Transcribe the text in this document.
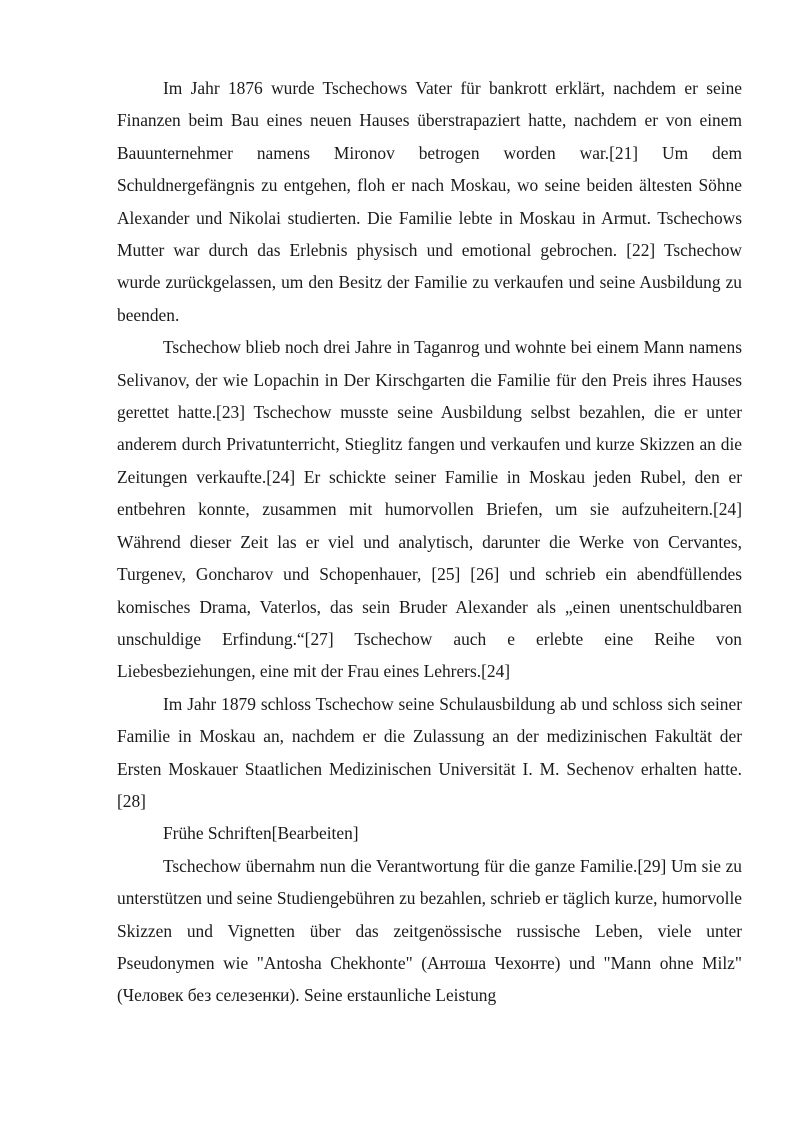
Im Jahr 1876 wurde Tschechows Vater für bankrott erklärt, nachdem er seine Finanzen beim Bau eines neuen Hauses überstrapaziert hatte, nachdem er von einem Bauunternehmer namens Mironov betrogen worden war.[21] Um dem Schuldnergefängnis zu entgehen, floh er nach Moskau, wo seine beiden ältesten Söhne Alexander und Nikolai studierten. Die Familie lebte in Moskau in Armut. Tschechows Mutter war durch das Erlebnis physisch und emotional gebrochen. [22] Tschechow wurde zurückgelassen, um den Besitz der Familie zu verkaufen und seine Ausbildung zu beenden.

Tschechow blieb noch drei Jahre in Taganrog und wohnte bei einem Mann namens Selivanov, der wie Lopachin in Der Kirschgarten die Familie für den Preis ihres Hauses gerettet hatte.[23] Tschechow musste seine Ausbildung selbst bezahlen, die er unter anderem durch Privatunterricht, Stieglitz fangen und verkaufen und kurze Skizzen an die Zeitungen verkaufte.[24] Er schickte seiner Familie in Moskau jeden Rubel, den er entbehren konnte, zusammen mit humorvollen Briefen, um sie aufzuheitern.[24] Während dieser Zeit las er viel und analytisch, darunter die Werke von Cervantes, Turgenev, Goncharov und Schopenhauer, [25] [26] und schrieb ein abendfüllendes komisches Drama, Vaterlos, das sein Bruder Alexander als „einen unentschuldbaren unschuldige Erfindung.“[27] Tschechow auch e erlebte eine Reihe von Liebesbeziehungen, eine mit der Frau eines Lehrers.[24]

Im Jahr 1879 schloss Tschechow seine Schulausbildung ab und schloss sich seiner Familie in Moskau an, nachdem er die Zulassung an der medizinischen Fakultät der Ersten Moskauer Staatlichen Medizinischen Universität I. M. Sechenov erhalten hatte.[28]

Frühe Schriften[Bearbeiten]

Tschechow übernahm nun die Verantwortung für die ganze Familie.[29] Um sie zu unterstützen und seine Studiengebühren zu bezahlen, schrieb er täglich kurze, humorvolle Skizzen und Vignetten über das zeitgenössische russische Leben, viele unter Pseudonymen wie "Antosha Chekhonte" (Антоша Чехонте) und "Mann ohne Milz" (Человек без селезенки). Seine erstaunliche Leistung
